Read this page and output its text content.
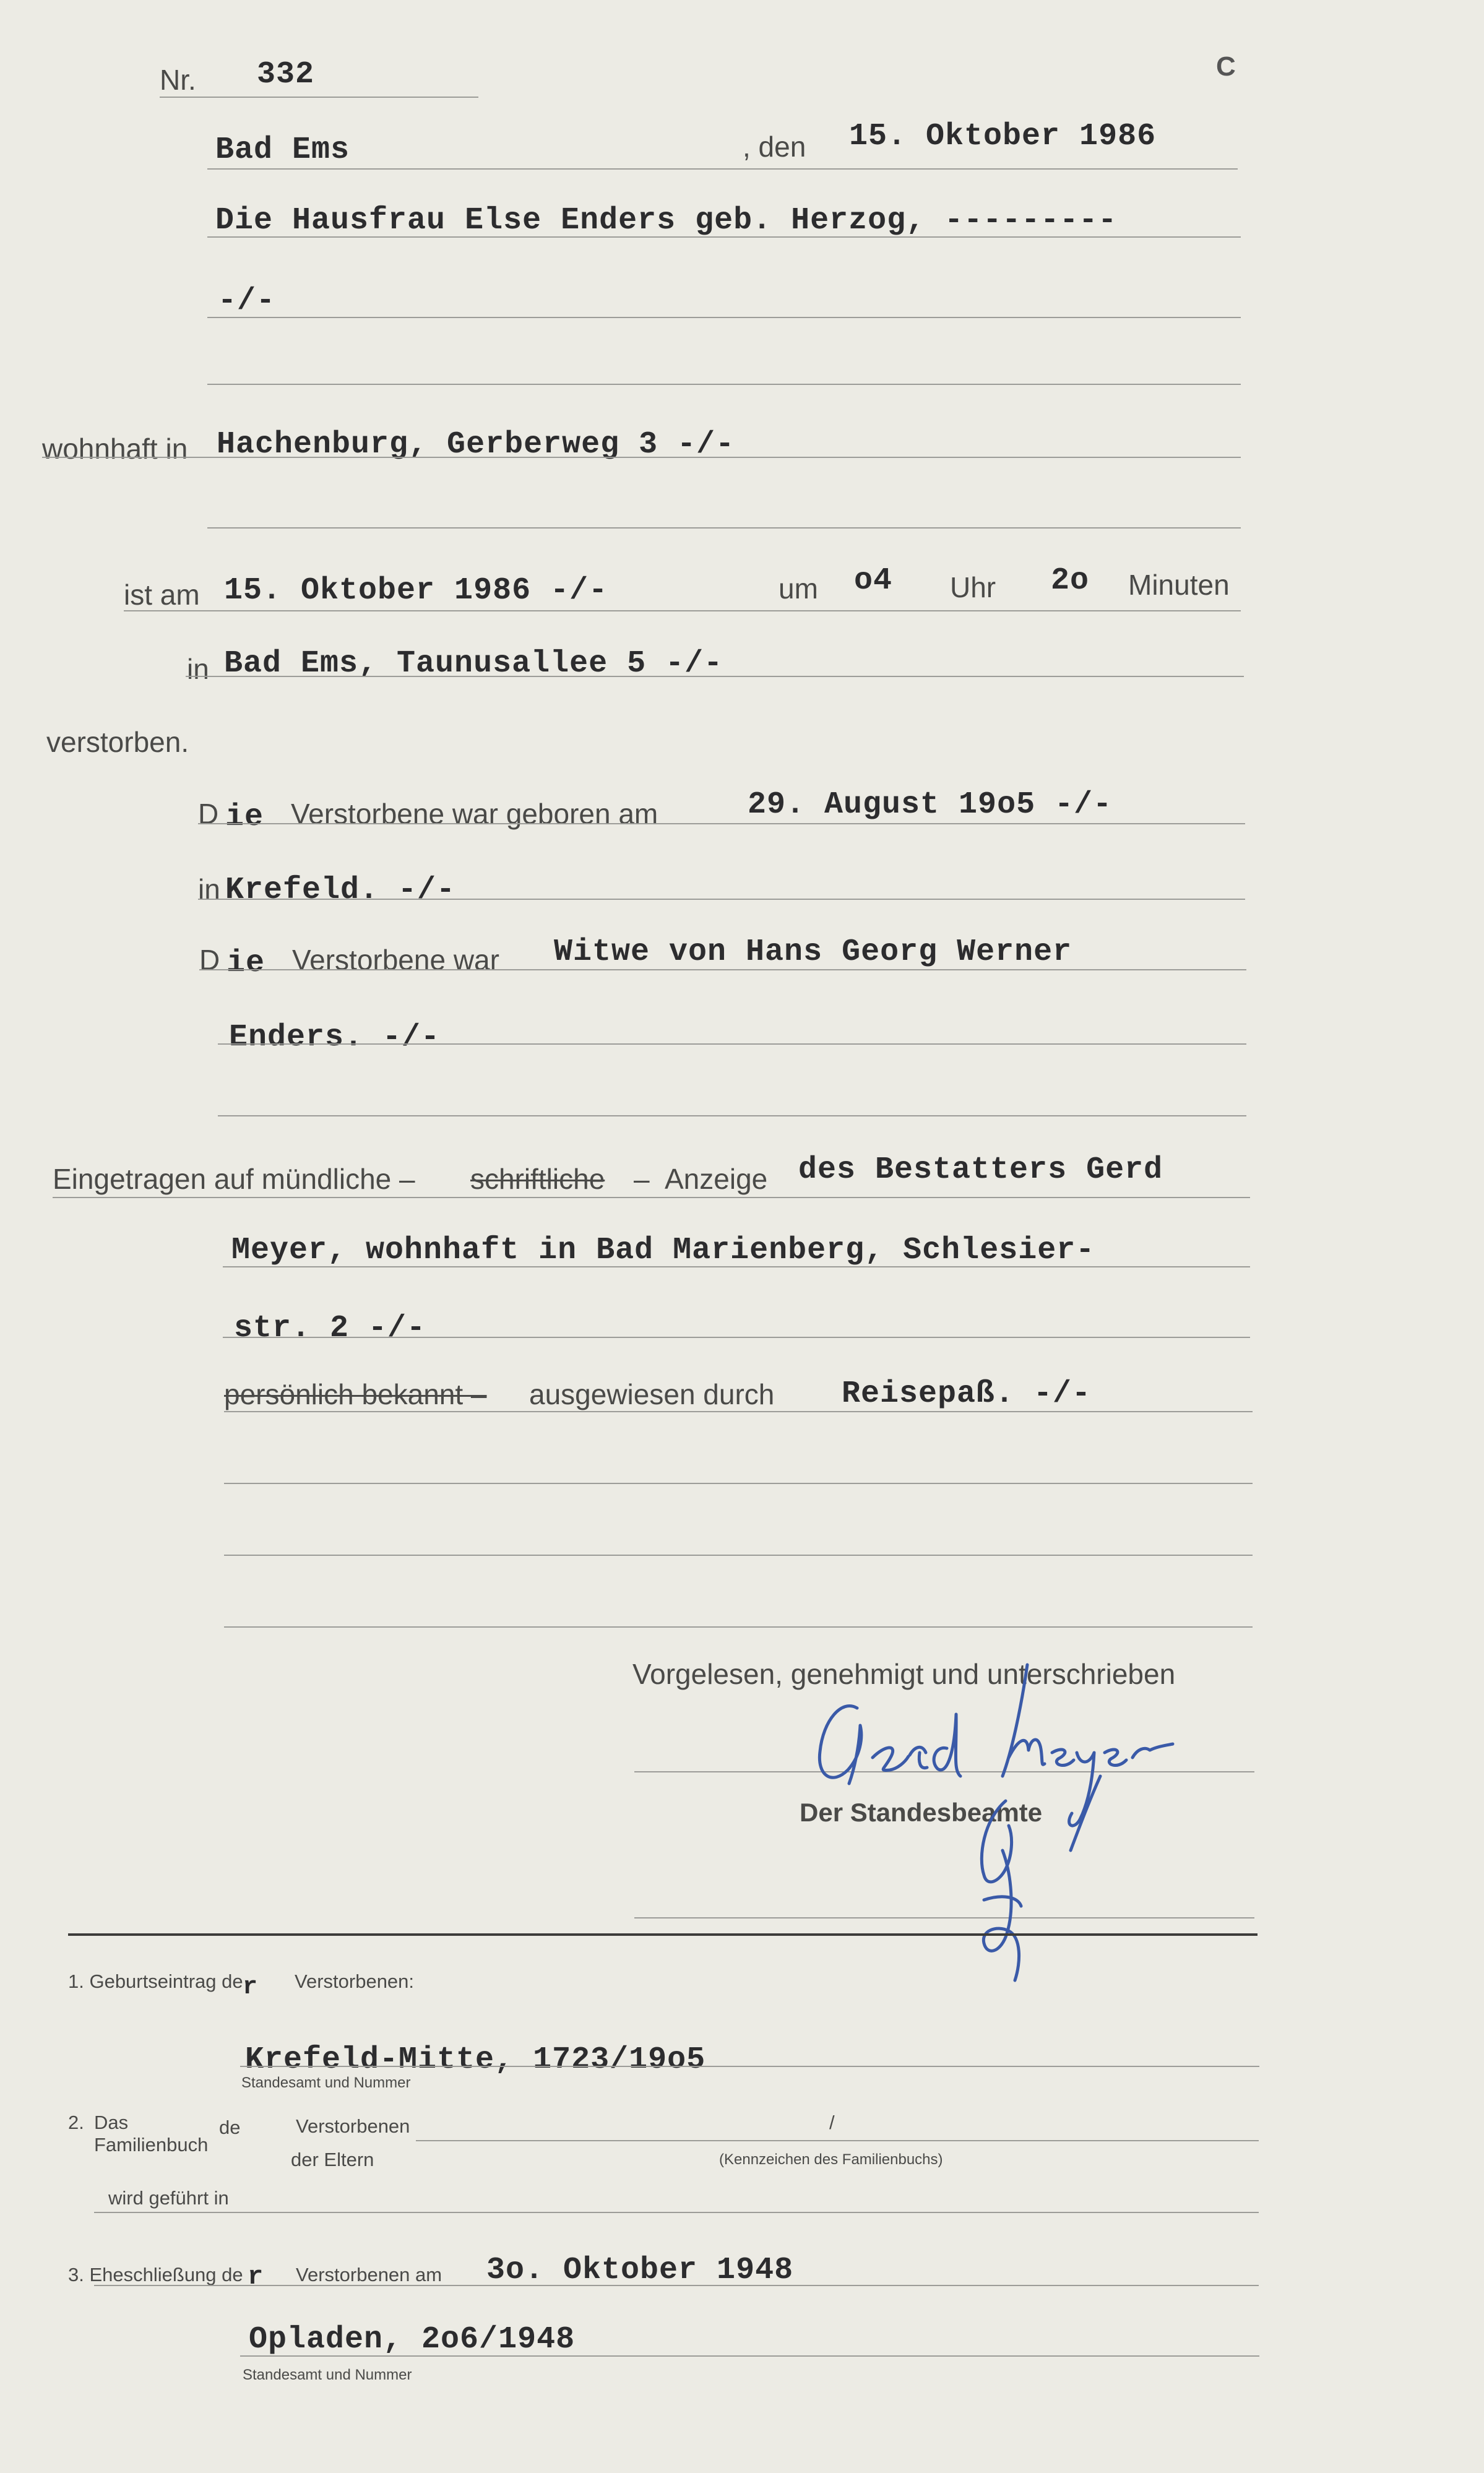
Nr. 332	C
Bad Ems	, den 15. Oktober 1986
Die Hausfrau Else Enders geb. Herzog, ---------
-/-
wohnhaft in Hachenburg, Gerberweg 3 -/-
ist am 15. Oktober 1986 -/-	um o4 Uhr 2o Minuten
in Bad Ems, Taunusallee 5 -/-
verstorben.
D ie Verstorbene war geboren am	29. August 19o5 -/-
in Krefeld. -/-
D ie Verstorbene war Witwe von Hans Georg Werner
Enders. -/-
Eingetragen auf mündliche – schriftliche – Anzeige des Bestatters Gerd
Meyer, wohnhaft in Bad Marienberg, Schlesier-
str. 2 -/-
persönlich bekannt – ausgewiesen durch Reisepaß. -/-
Vorgelesen, genehmigt und unterschrieben
Der Standesbeamte
1. Geburtseintrag de r Verstorbenen:
Krefeld-Mitte, 1723/19o5
Standesamt und Nummer
2. Das
Familienbuch
de	Verstorbenen
der Eltern
/
(Kennzeichen des Familienbuchs)
wird geführt in
3. Eheschließung de r Verstorbenen am 3o. Oktober 1948
Opladen, 2o6/1948
Standesamt und Nummer
